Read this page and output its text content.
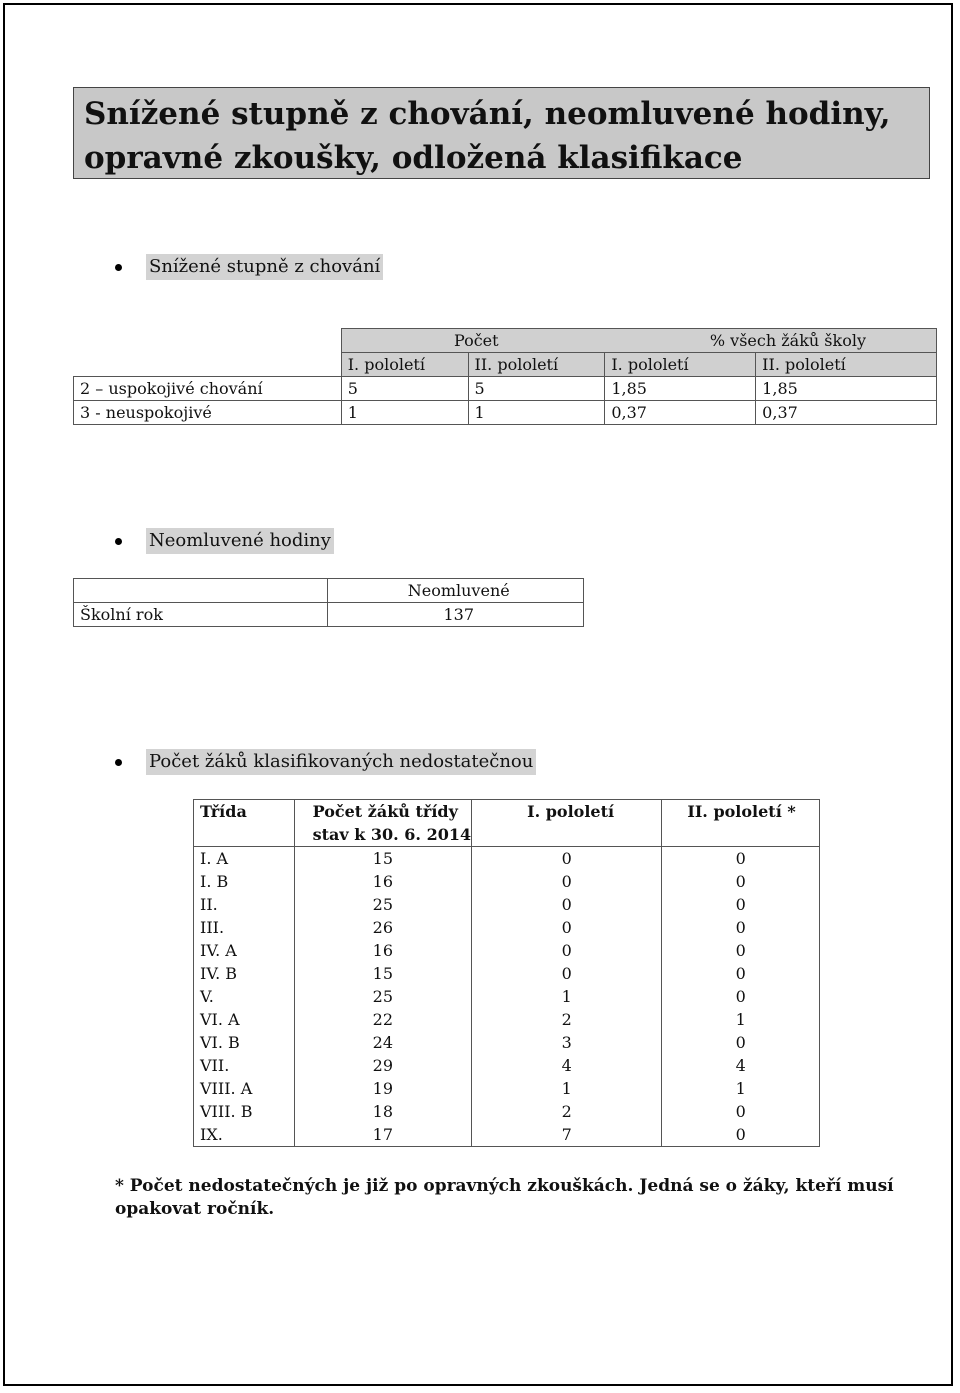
Snížené stupně z chování, neomluvené hodiny,
opravné zkoušky, odložená klasifikace
Snížené stupně z chování
	Počet		% všech žáků školy	
	I. pololetí	II. pololetí	I. pololetí	II. pololetí
2 – uspokojivé chování	5	5	1,85	1,85
3 - neuspokojivé	1	1	0,37	0,37
Neomluvené hodiny
	Neomluvené
Školní rok	137
Počet žáků klasifikovaných nedostatečnou
Třída	Počet žáků třídy	I. pololetí	II. pololetí *
	stav k 30. 6. 2014		
I. A	15	0	0
I. B	16	0	0
II.	25	0	0
III.	26	0	0
IV. A	16	0	0
IV. B	15	0	0
V.	25	1	0
VI. A	22	2	1
VI. B	24	3	0
VII.	29	4	4
VIII. A	19	1	1
VIII. B	18	2	0
IX.	17	7	0
* Počet nedostatečných je již po opravných zkouškách. Jedná se o žáky, kteří musí opakovat ročník.
